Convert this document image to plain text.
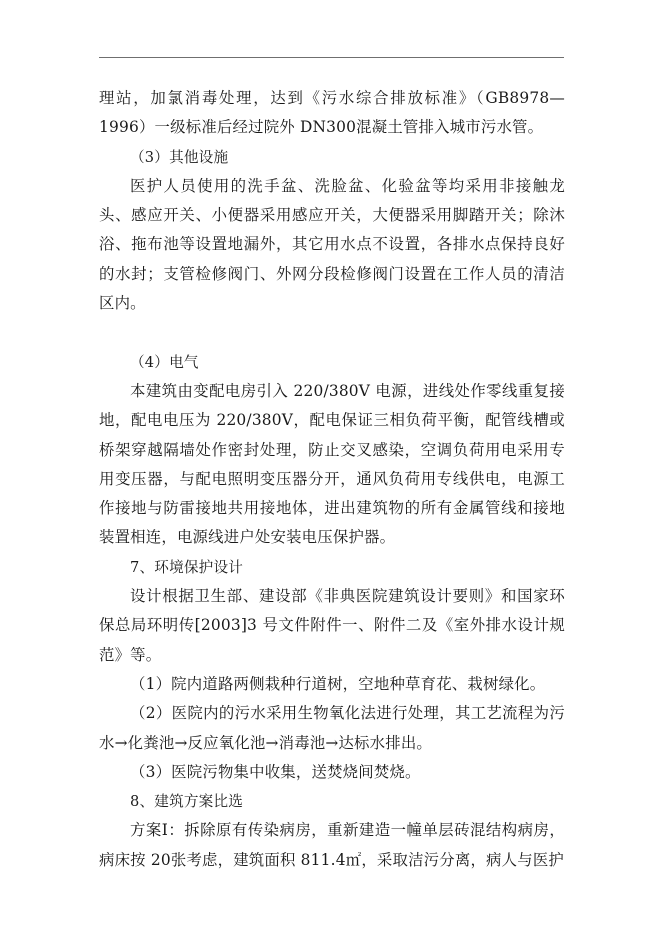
理站，加氯消毒处理，达到《污水综合排放标准》（GB8978—1996）一级标准后经过院外 DN300混凝土管排入城市污水管。

（3）其他设施

医护人员使用的洗手盆、洗脸盆、化验盆等均采用非接触龙头、感应开关、小便器采用感应开关，大便器采用脚踏开关；除沐浴、拖布池等设置地漏外，其它用水点不设置，各排水点保持良好的水封；支管检修阀门、外网分段检修阀门设置在工作人员的清洁区内。

（4）电气

本建筑由变配电房引入 220/380V 电源，进线处作零线重复接地，配电电压为 220/380V，配电保证三相负荷平衡，配管线槽或桥架穿越隔墙处作密封处理，防止交叉感染，空调负荷用电采用专用变压器，与配电照明变压器分开，通风负荷用专线供电，电源工作接地与防雷接地共用接地体，进出建筑物的所有金属管线和接地装置相连，电源线进户处安装电压保护器。

7、环境保护设计

设计根据卫生部、建设部《非典医院建筑设计要则》和国家环保总局环明传[2003]3 号文件附件一、附件二及《室外排水设计规范》等。

（1）院内道路两侧栽种行道树，空地种草育花、栽树绿化。

（2）医院内的污水采用生物氧化法进行处理，其工艺流程为污水→化粪池→反应氧化池→消毒池→达标水排出。

（3）医院污物集中收集，送焚烧间焚烧。

8、建筑方案比选

方案Ⅰ：拆除原有传染病房，重新建造一幢单层砖混结构病房，病床按 20张考虑，建筑面积 811.4㎡，采取洁污分离，病人与医护
